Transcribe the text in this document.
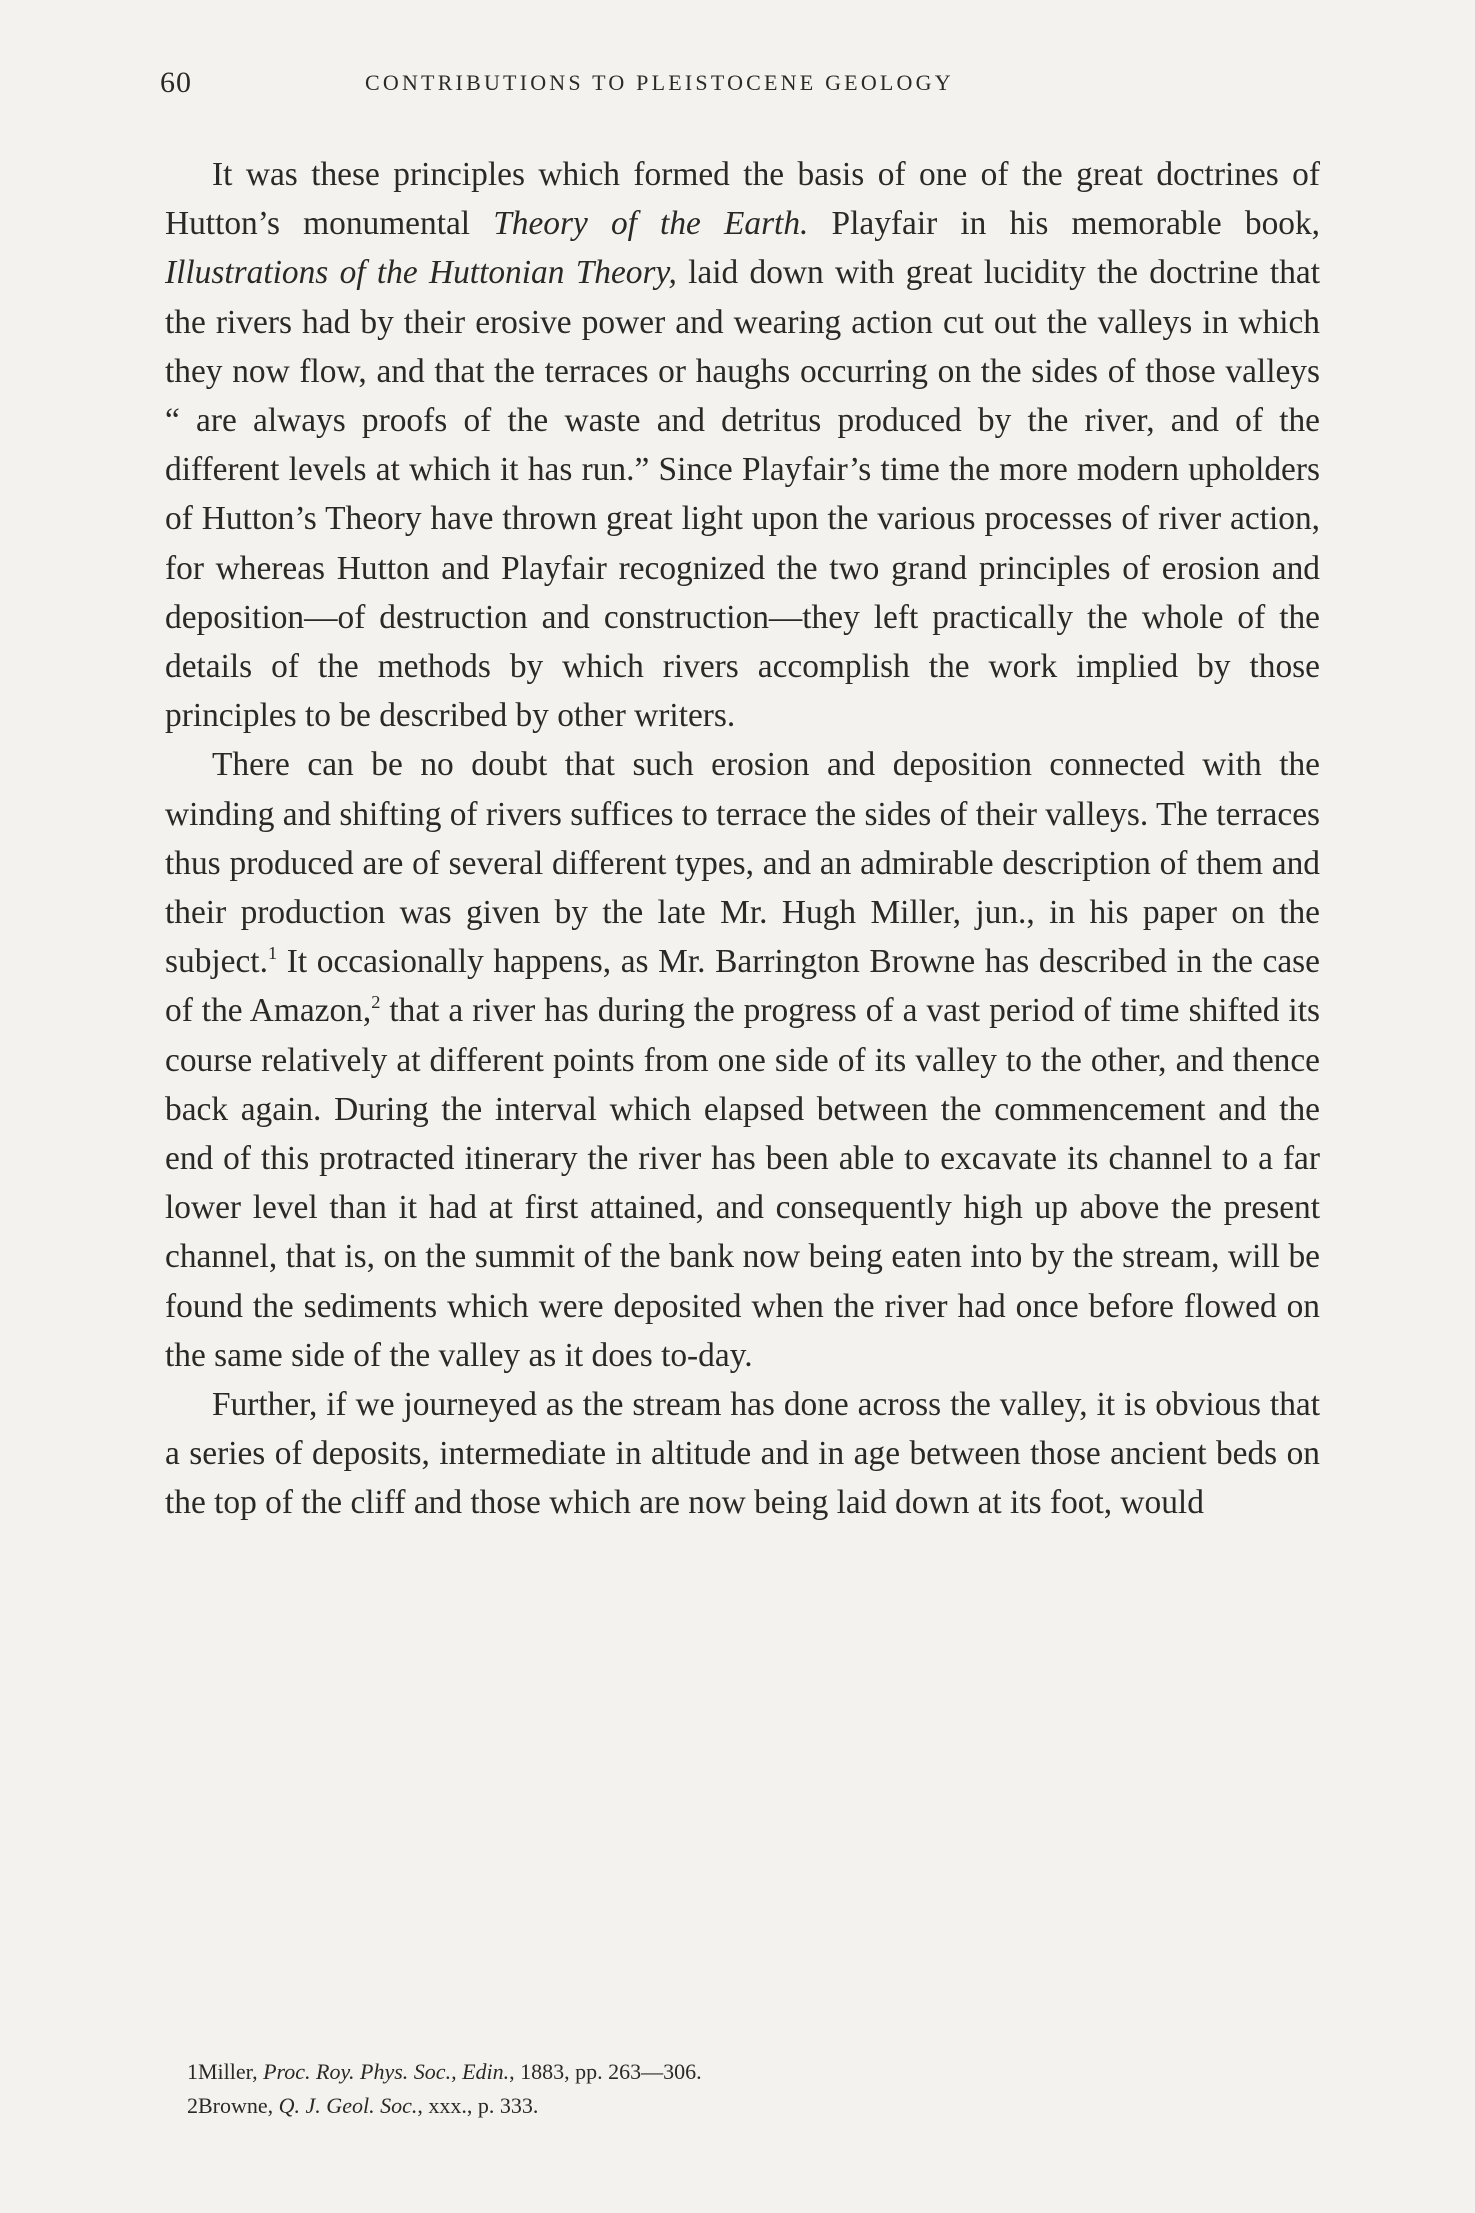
60	CONTRIBUTIONS TO PLEISTOCENE GEOLOGY

It was these principles which formed the basis of one of the great doctrines of Hutton’s monumental Theory of the Earth. Playfair in his memorable book, Illustrations of the Huttonian Theory, laid down with great lucidity the doctrine that the rivers had by their erosive power and wearing action cut out the valleys in which they now flow, and that the terraces or haughs occurring on the sides of those valleys “ are always proofs of the waste and detritus produced by the river, and of the different levels at which it has run.” Since Playfair’s time the more modern upholders of Hutton’s Theory have thrown great light upon the various processes of river action, for whereas Hutton and Playfair recognized the two grand principles of erosion and deposition—of destruction and construction—they left practically the whole of the details of the methods by which rivers accomplish the work implied by those principles to be described by other writers.

There can be no doubt that such erosion and deposition connected with the winding and shifting of rivers suffices to terrace the sides of their valleys. The terraces thus produced are of several different types, and an admirable description of them and their production was given by the late Mr. Hugh Miller, jun., in his paper on the subject.$^1$ It occasionally happens, as Mr. Barrington Browne has described in the case of the Amazon,$^2$ that a river has during the progress of a vast period of time shifted its course relatively at different points from one side of its valley to the other, and thence back again. During the interval which elapsed between the commencement and the end of this protracted itinerary the river has been able to excavate its channel to a far lower level than it had at first attained, and consequently high up above the present channel, that is, on the summit of the bank now being eaten into by the stream, will be found the sediments which were deposited when the river had once before flowed on the same side of the valley as it does to-day.

Further, if we journeyed as the stream has done across the valley, it is obvious that a series of deposits, intermediate in altitude and in age between those ancient beds on the top of the cliff and those which are now being laid down at its foot, would

1Miller, Proc. Roy. Phys. Soc., Edin., 1883, pp. 263—306.

2Browne, Q. J. Geol. Soc., xxx., p. 333.
